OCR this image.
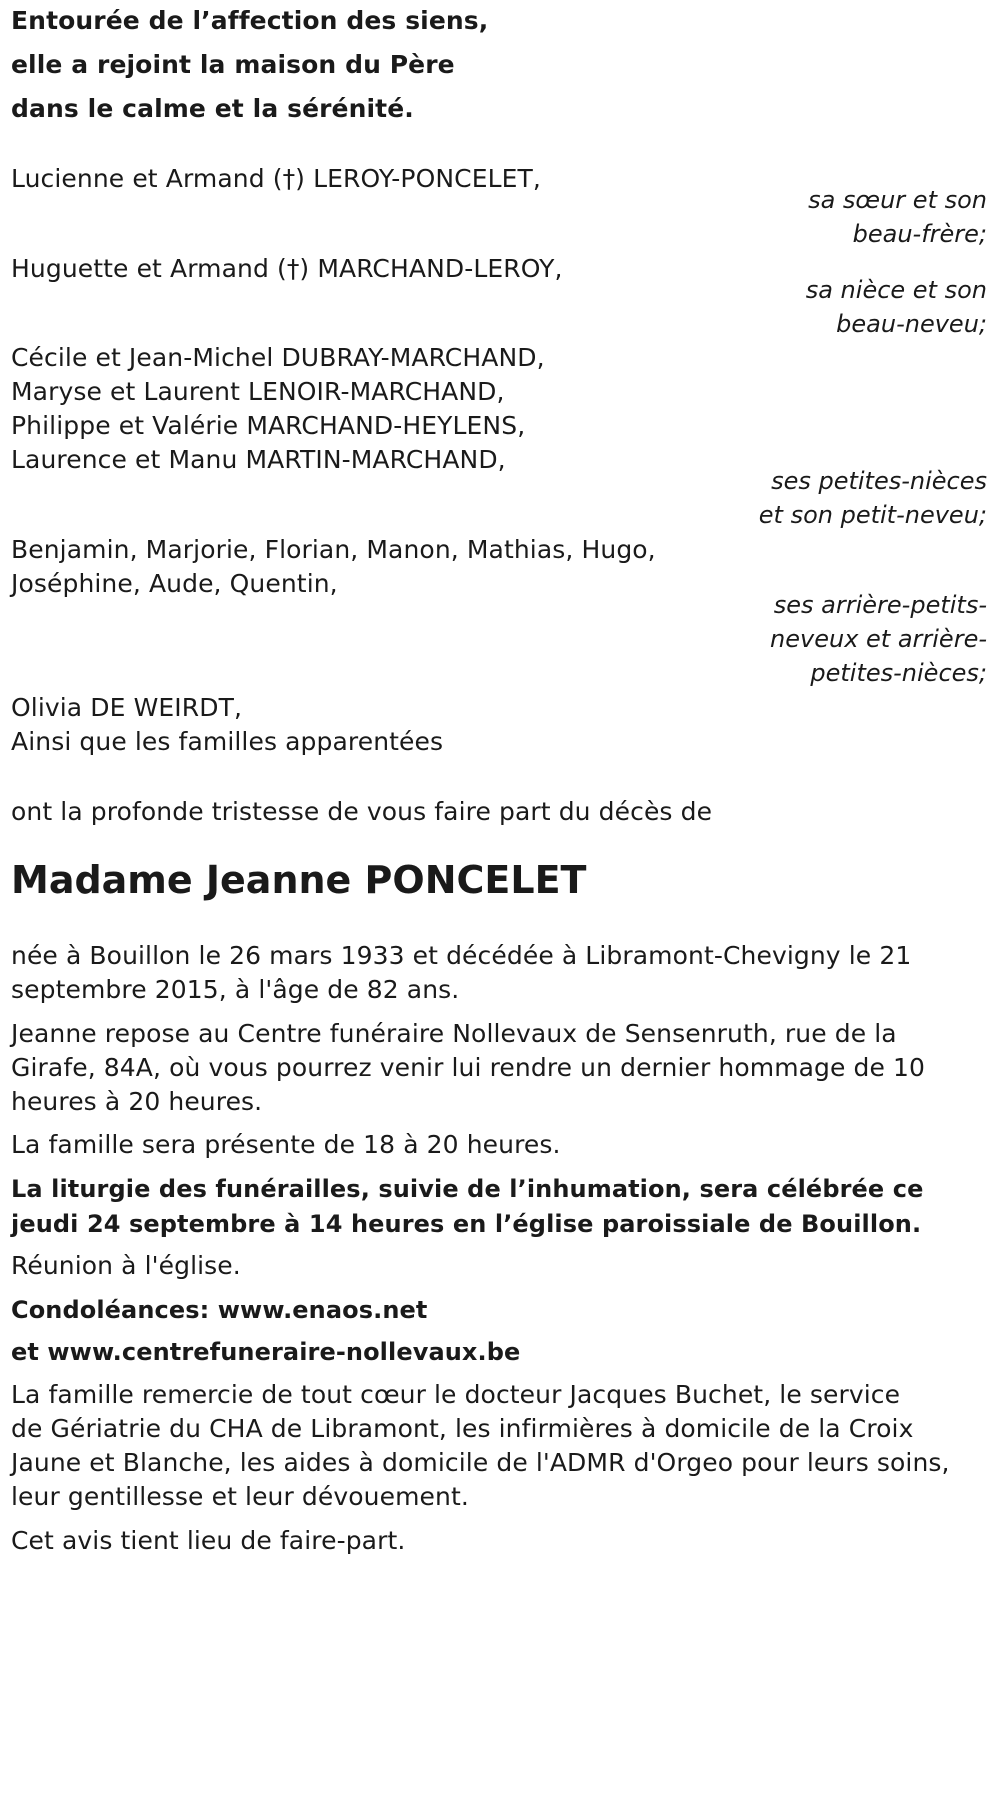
Entourée de l’affection des siens,
elle a rejoint la maison du Père
dans le calme et la sérénité.
Lucienne et Armand (†) LEROY-PONCELET,
sa sœur et son
beau-frère;
Huguette et Armand (†) MARCHAND-LEROY,
sa nièce et son
beau-neveu;
Cécile et Jean-Michel DUBRAY-MARCHAND,
Maryse et Laurent LENOIR-MARCHAND,
Philippe et Valérie MARCHAND-HEYLENS,
Laurence et Manu MARTIN-MARCHAND,
ses petites-nièces
et son petit-neveu;
Benjamin, Marjorie, Florian, Manon, Mathias, Hugo,
Joséphine, Aude, Quentin,
ses arrière-petits-
neveux et arrière-
petites-nièces;
Olivia DE WEIRDT,
Ainsi que les familles apparentées
ont la profonde tristesse de vous faire part du décès de
Madame Jeanne PONCELET
née à Bouillon le 26 mars 1933 et décédée à Libramont-Chevigny le 21
septembre 2015, à l'âge de 82 ans.
Jeanne repose au Centre funéraire Nollevaux de Sensenruth, rue de la
Girafe, 84A, où vous pourrez venir lui rendre un dernier hommage de 10
heures à 20 heures.
La famille sera présente de 18 à 20 heures.
La liturgie des funérailles, suivie de l’inhumation, sera célébrée ce
jeudi 24 septembre à 14 heures en l’église paroissiale de Bouillon.
Réunion à l'église.
Condoléances: www.enaos.net
et www.centrefuneraire-nollevaux.be
La famille remercie de tout cœur le docteur Jacques Buchet, le service
de Gériatrie du CHA de Libramont, les infirmières à domicile de la Croix
Jaune et Blanche, les aides à domicile de l'ADMR d'Orgeo pour leurs soins,
leur gentillesse et leur dévouement.
Cet avis tient lieu de faire-part.
